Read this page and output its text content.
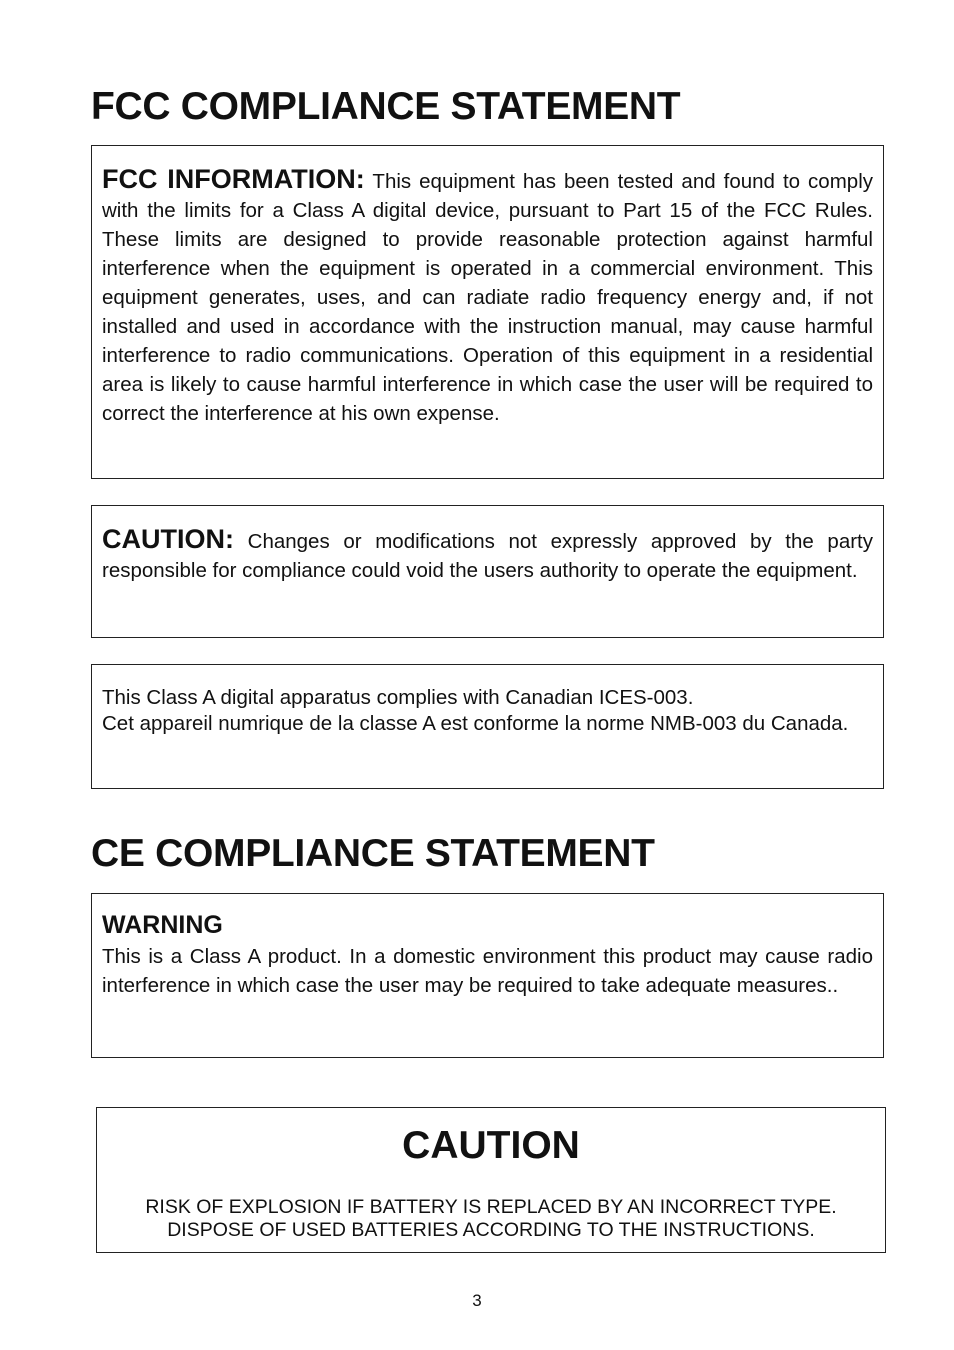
FCC COMPLIANCE STATEMENT

FCC INFORMATION: This equipment has been tested and found to comply with the limits for a Class A digital device, pursuant to Part 15 of the FCC Rules. These limits are designed to provide reasonable protection against harmful interference when the equipment is operated in a commercial environment. This equipment generates, uses, and can radiate radio frequency energy and, if not installed and used in accordance with the instruction manual, may cause harmful interference to radio communications. Operation of this equipment in a residential area is likely to cause harmful interference in which case the user will be required to correct the interference at his own expense.

CAUTION: Changes or modifications not expressly approved by the party responsible for compliance could void the users authority to operate the equipment.

This Class A digital apparatus complies with Canadian ICES-003.

Cet appareil numrique de la classe A est conforme la norme NMB-003 du Canada.

CE COMPLIANCE STATEMENT

WARNING

This is a Class A product. In a domestic environment this product may cause radio interference in which case the user may be required to take adequate measures..

CAUTION

RISK OF EXPLOSION IF BATTERY IS REPLACED BY AN INCORRECT TYPE.

DISPOSE OF USED BATTERIES ACCORDING TO THE INSTRUCTIONS.

3
